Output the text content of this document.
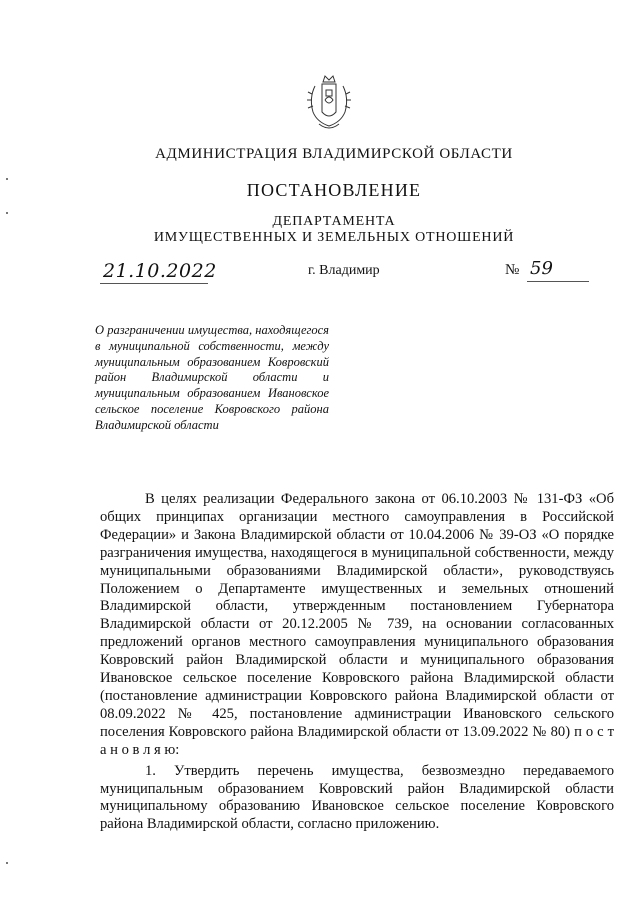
АДМИНИСТРАЦИЯ ВЛАДИМИРСКОЙ ОБЛАСТИ
ПОСТАНОВЛЕНИЕ
ДЕПАРТАМЕНТА
ИМУЩЕСТВЕННЫХ И ЗЕМЕЛЬНЫХ ОТНОШЕНИЙ
21.10.2022	г. Владимир	№ 59
О разграничении имущества, находящегося в муниципальной собственности, между муниципальным образованием Ковровский район Владимирской области и муниципальным образованием Ивановское сельское поселение Ковровского района Владимирской области

В целях реализации Федерального закона от 06.10.2003 № 131-ФЗ «Об общих принципах организации местного самоуправления в Российской Федерации» и Закона Владимирской области от 10.04.2006 № 39-ОЗ «О порядке разграничения имущества, находящегося в муниципальной собственности, между муниципальными образованиями Владимирской области», руководствуясь Положением о Департаменте имущественных и земельных отношений Владимирской области, утвержденным постановлением Губернатора Владимирской области от 20.12.2005 № 739, на основании согласованных предложений органов местного самоуправления муниципального образования Ковровский район Владимирской области и муниципального образования Ивановское сельское поселение Ковровского района Владимирской области (постановление администрации Ковровского района Владимирской области от 08.09.2022 № 425, постановление администрации Ивановского сельского поселения Ковровского района Владимирской области от 13.09.2022 № 80) п о с т а н о в л я ю:

1. Утвердить перечень имущества, безвозмездно передаваемого муниципальным образованием Ковровский район Владимирской области муниципальному образованию Ивановское сельское поселение Ковровского района Владимирской области, согласно приложению.
